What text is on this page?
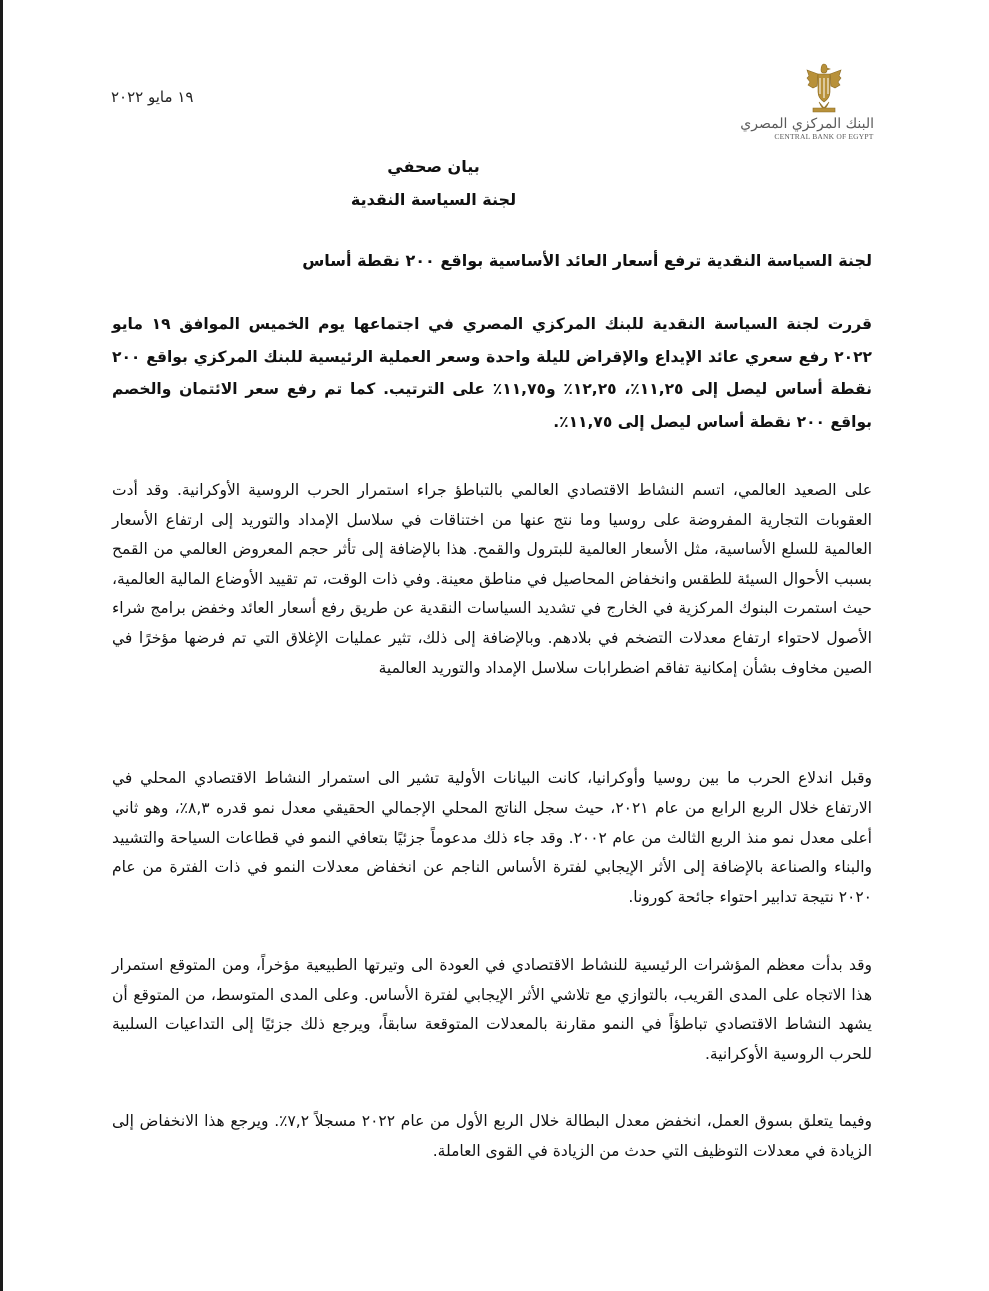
البنك المركزي المصري
CENTRAL BANK OF EGYPT
١٩ مايو ٢٠٢٢
بيان صحفي
لجنة السياسة النقدية
لجنة السياسة النقدية ترفع أسعار العائد الأساسية بواقع ٢٠٠ نقطة أساس
قررت لجنة السياسة النقدية للبنك المركزي المصري في اجتماعها يوم الخميس الموافق ١٩ مايو ٢٠٢٢ رفع سعري عائد الإيداع والإقراض لليلة واحدة وسعر العملية الرئيسية للبنك المركزي بواقع ٢٠٠ نقطة أساس ليصل إلى ١١,٢٥٪، ١٢,٢٥٪ و١١,٧٥٪ على الترتيب. كما تم رفع سعر الائتمان والخصم بواقع ٢٠٠ نقطة أساس ليصل إلى ١١,٧٥٪.
على الصعيد العالمي، اتسم النشاط الاقتصادي العالمي بالتباطؤ جراء استمرار الحرب الروسية الأوكرانية. وقد أدت العقوبات التجارية المفروضة على روسيا وما نتج عنها من اختناقات في سلاسل الإمداد والتوريد إلى ارتفاع الأسعار العالمية للسلع الأساسية، مثل الأسعار العالمية للبترول والقمح. هذا بالإضافة إلى تأثر حجم المعروض العالمي من القمح بسبب الأحوال السيئة للطقس وانخفاض المحاصيل في مناطق معينة. وفي ذات الوقت، تم تقييد الأوضاع المالية العالمية، حيث استمرت البنوك المركزية في الخارج في تشديد السياسات النقدية عن طريق رفع أسعار العائد وخفض برامج شراء الأصول لاحتواء ارتفاع معدلات التضخم في بلادهم. وبالإضافة إلى ذلك، تثير عمليات الإغلاق التي تم فرضها مؤخرًا في الصين مخاوف بشأن إمكانية تفاقم اضطرابات سلاسل الإمداد والتوريد العالمية
وقبل اندلاع الحرب ما بين روسيا وأوكرانيا، كانت البيانات الأولية تشير الى استمرار النشاط الاقتصادي المحلي في الارتفاع خلال الربع الرابع من عام ٢٠٢١، حيث سجل الناتج المحلي الإجمالي الحقيقي معدل نمو قدره ٨,٣٪، وهو ثاني أعلى معدل نمو منذ الربع الثالث من عام ٢٠٠٢. وقد جاء ذلك مدعوماً جزئيًا بتعافي النمو في قطاعات السياحة والتشييد والبناء والصناعة بالإضافة إلى الأثر الإيجابي لفترة الأساس الناجم عن انخفاض معدلات النمو في ذات الفترة من عام ٢٠٢٠ نتيجة تدابير احتواء جائحة كورونا.
وقد بدأت معظم المؤشرات الرئيسية للنشاط الاقتصادي في العودة الى وتيرتها الطبيعية مؤخراً، ومن المتوقع استمرار هذا الاتجاه على المدى القريب، بالتوازي مع تلاشي الأثر الإيجابي لفترة الأساس. وعلى المدى المتوسط، من المتوقع أن يشهد النشاط الاقتصادي تباطؤاً في النمو مقارنة بالمعدلات المتوقعة سابقاً، ويرجع ذلك جزئيًا إلى التداعيات السلبية للحرب الروسية الأوكرانية.
وفيما يتعلق بسوق العمل، انخفض معدل البطالة خلال الربع الأول من عام ٢٠٢٢ مسجلاً ٧,٢٪. ويرجع هذا الانخفاض إلى الزيادة في معدلات التوظيف التي حدث من الزيادة في القوى العاملة.
